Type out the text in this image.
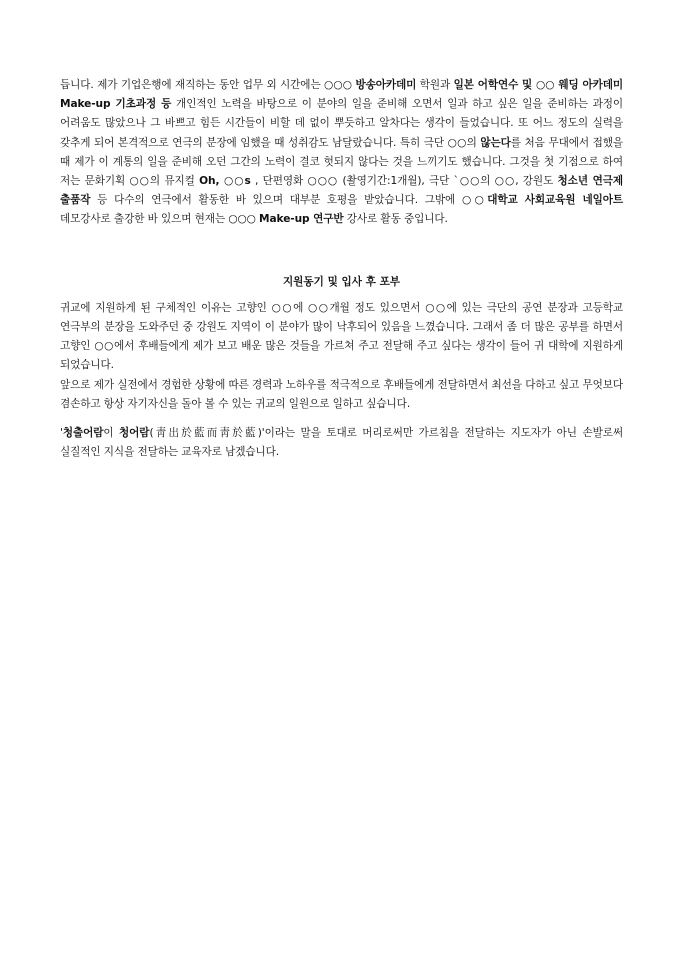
듭니다. 제가 기업은행에 재직하는 동안 업무 외 시간에는 ○○○ 방송아카데미 학원과 일본 어학연수 및 ○○ 웨딩 아카데미 Make-up 기초과정 등 개인적인 노력을 바탕으로 이 분야의 일을 준비해 오면서 일과 하고 싶은 일을 준비하는 과정이 어려움도 많았으나 그 바쁘고 힘든 시간들이 비할 데 없이 뿌듯하고 알차다는 생각이 들었습니다. 또 어느 정도의 실력을 갖추게 되어 본격적으로 연극의 분장에 임했을 때 성취감도 남달랐습니다. 특히 극단 ○○의 않는다를 처음 무대에서 접했을 때 제가 이 계통의 일을 준비해 오던 그간의 노력이 결코 헛되지 않다는 것을 느끼기도 했습니다. 그것을 첫 기점으로 하여 저는 문화기획 ○○의 뮤지컬 Oh, ○○s , 단편영화 ○○○ (촬영기간:1개월), 극단 `○○의 ○○, 강원도 청소년 연극제 출품작 등 다수의 연극에서 활동한 바 있으며 대부분 호평을 받았습니다. 그밖에 ○○대학교 사회교육원 네일아트 데모강사로 출강한 바 있으며 현재는 ○○○ Make-up 연구반 강사로 활동 중입니다.

지원동기 및 입사 후 포부

귀교에 지원하게 된 구체적인 이유는 고향인 ○○에 ○○개월 정도 있으면서 ○○에 있는 극단의 공연 분장과 고등학교 연극부의 분장을 도와주던 중 강원도 지역이 이 분야가 많이 낙후되어 있음을 느꼈습니다. 그래서 좀 더 많은 공부를 하면서 고향인 ○○에서 후배들에게 제가 보고 배운 많은 것들을 가르쳐 주고 전달해 주고 싶다는 생각이 들어 귀 대학에 지원하게 되었습니다.

앞으로 제가 실전에서 경험한 상황에 따른 경력과 노하우를 적극적으로 후배들에게 전달하면서 최선을 다하고 싶고 무엇보다 겸손하고 항상 자기자신을 돌아 볼 수 있는 귀교의 일원으로 일하고 싶습니다.

'청출어람이 청어람(靑出於藍而靑於藍)'이라는 말을 토대로 머리로써만 가르침을 전달하는 지도자가 아닌 손발로써 실질적인 지식을 전달하는 교육자로 남겠습니다.
